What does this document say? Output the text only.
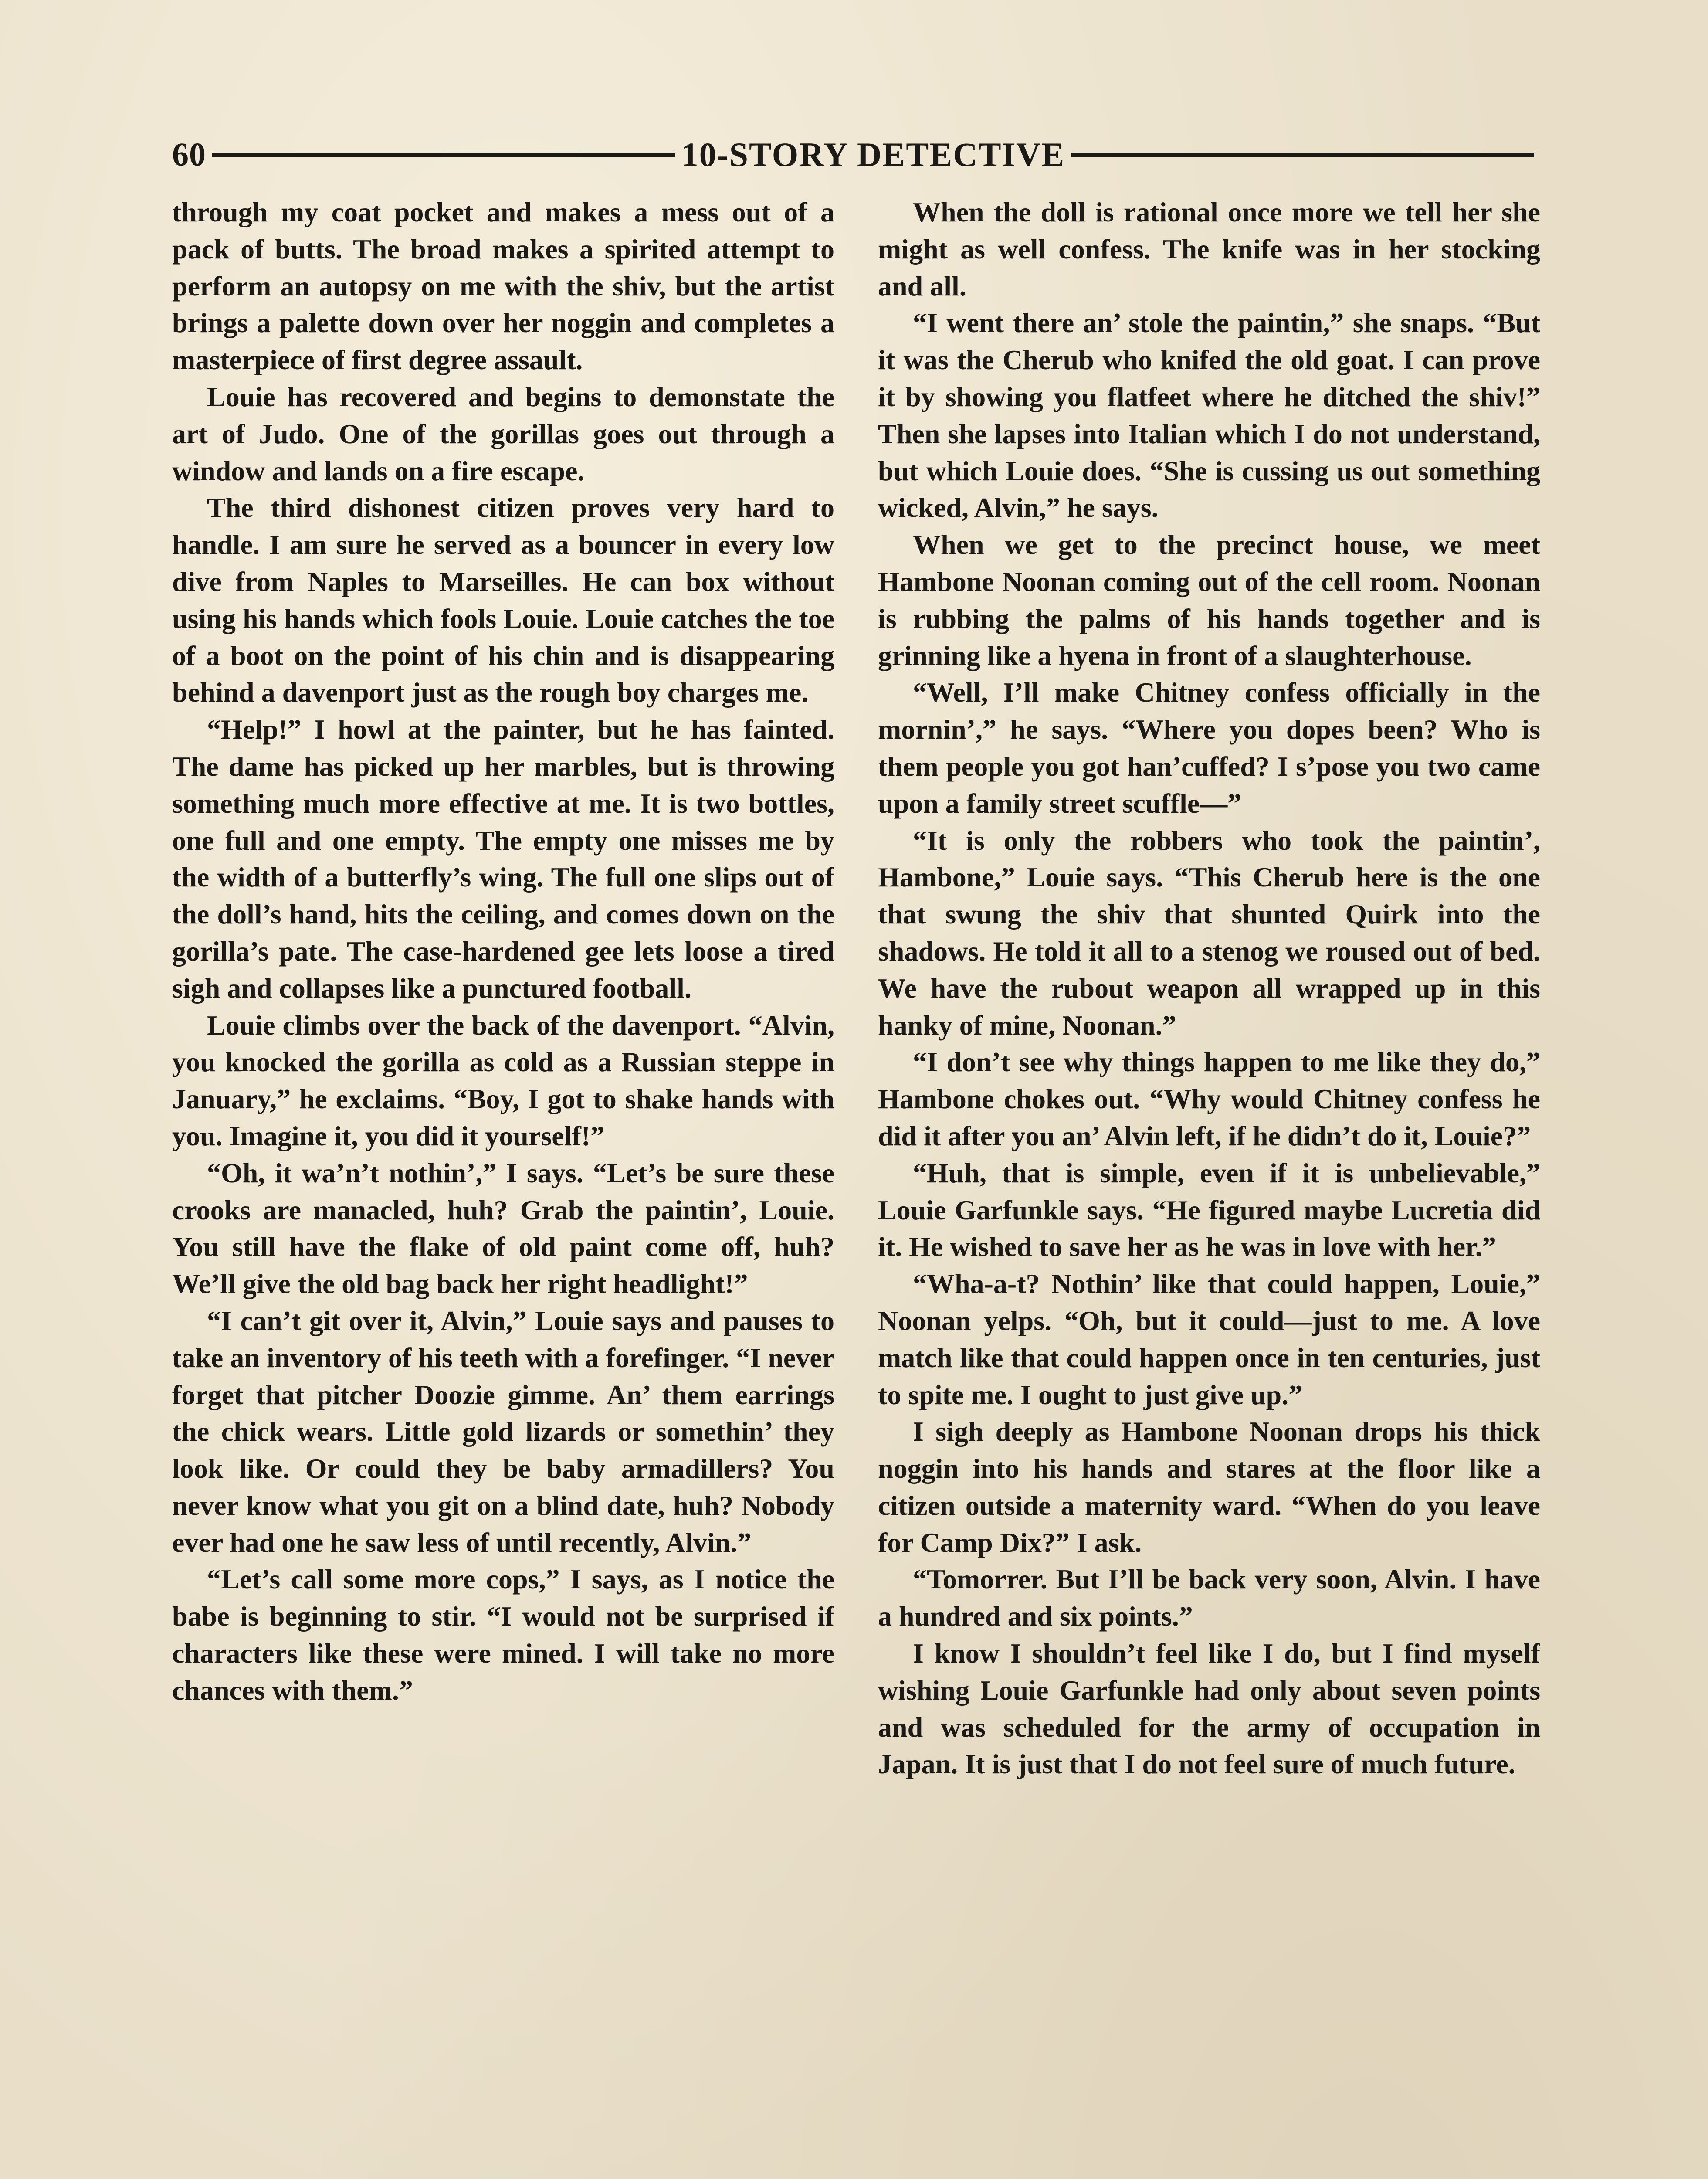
60	10-STORY DETECTIVE

through my coat pocket and makes a mess out of a pack of butts. The broad makes a spirited attempt to perform an autopsy on me with the shiv, but the artist brings a palette down over her noggin and completes a masterpiece of first degree assault.

Louie has recovered and begins to demonstate the art of Judo. One of the gorillas goes out through a window and lands on a fire escape.

The third dishonest citizen proves very hard to handle. I am sure he served as a bouncer in every low dive from Naples to Marseilles. He can box without using his hands which fools Louie. Louie catches the toe of a boot on the point of his chin and is disappearing behind a davenport just as the rough boy charges me.

“Help!” I howl at the painter, but he has fainted. The dame has picked up her marbles, but is throwing something much more effective at me. It is two bottles, one full and one empty. The empty one misses me by the width of a butterfly’s wing. The full one slips out of the doll’s hand, hits the ceiling, and comes down on the gorilla’s pate. The case-hardened gee lets loose a tired sigh and collapses like a punctured football.

Louie climbs over the back of the davenport. “Alvin, you knocked the gorilla as cold as a Russian steppe in January,” he exclaims. “Boy, I got to shake hands with you. Imagine it, you did it yourself!”

“Oh, it wa’n’t nothin’,” I says. “Let’s be sure these crooks are manacled, huh? Grab the paintin’, Louie. You still have the flake of old paint come off, huh? We’ll give the old bag back her right headlight!”

“I can’t git over it, Alvin,” Louie says and pauses to take an inventory of his teeth with a forefinger. “I never forget that pitcher Doozie gimme. An’ them earrings the chick wears. Little gold lizards or somethin’ they look like. Or could they be baby armadillers? You never know what you git on a blind date, huh? Nobody ever had one he saw less of until recently, Alvin.”

“Let’s call some more cops,” I says, as I notice the babe is beginning to stir. “I would not be surprised if characters like these were mined. I will take no more chances with them.”

When the doll is rational once more we tell her she might as well confess. The knife was in her stocking and all.

“I went there an’ stole the paintin,” she snaps. “But it was the Cherub who knifed the old goat. I can prove it by showing you flatfeet where he ditched the shiv!” Then she lapses into Italian which I do not understand, but which Louie does. “She is cussing us out something wicked, Alvin,” he says.

When we get to the precinct house, we meet Hambone Noonan coming out of the cell room. Noonan is rubbing the palms of his hands together and is grinning like a hyena in front of a slaughterhouse.

“Well, I’ll make Chitney confess officially in the mornin’,” he says. “Where you dopes been? Who is them people you got han’cuffed? I s’pose you two came upon a family street scuffle—”

“It is only the robbers who took the paintin’, Hambone,” Louie says. “This Cherub here is the one that swung the shiv that shunted Quirk into the shadows. He told it all to a stenog we roused out of bed. We have the rubout weapon all wrapped up in this hanky of mine, Noonan.”

“I don’t see why things happen to me like they do,” Hambone chokes out. “Why would Chitney confess he did it after you an’ Alvin left, if he didn’t do it, Louie?”

“Huh, that is simple, even if it is unbelievable,” Louie Garfunkle says. “He figured maybe Lucretia did it. He wished to save her as he was in love with her.”

“Wha-a-t? Nothin’ like that could happen, Louie,” Noonan yelps. “Oh, but it could—just to me. A love match like that could happen once in ten centuries, just to spite me. I ought to just give up.”

I sigh deeply as Hambone Noonan drops his thick noggin into his hands and stares at the floor like a citizen outside a maternity ward. “When do you leave for Camp Dix?” I ask.

“Tomorrer. But I’ll be back very soon, Alvin. I have a hundred and six points.”

I know I shouldn’t feel like I do, but I find myself wishing Louie Garfunkle had only about seven points and was scheduled for the army of occupation in Japan. It is just that I do not feel sure of much future.
